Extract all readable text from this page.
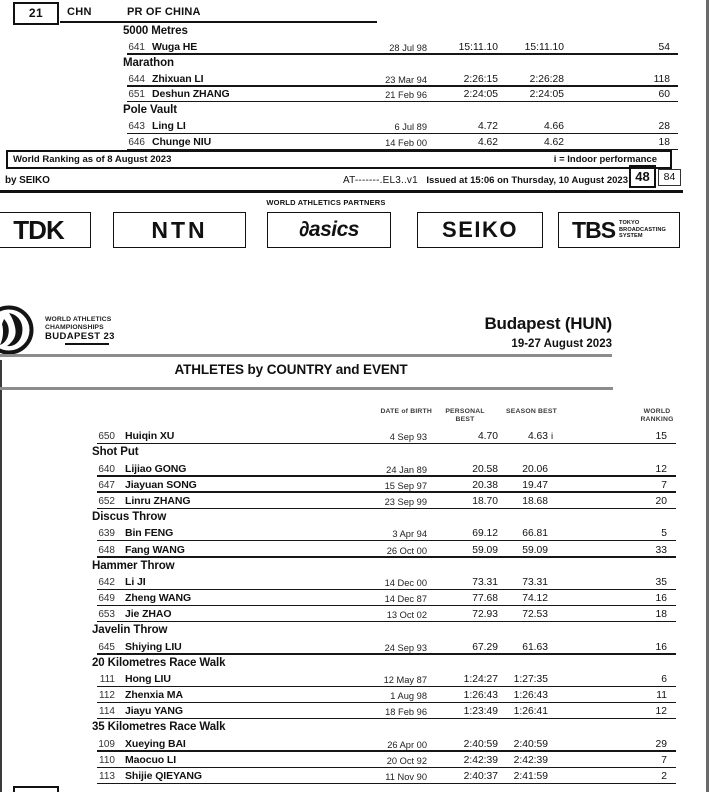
21	CHN	PR OF CHINA
5000 Metres
641 Wuga HE	28 Jul 98	15:11.10	15:11.10	54
Marathon
644 Zhixuan LI	23 Mar 94	2:26:15	2:26:28	118
651 Deshun ZHANG	21 Feb 96	2:24:05	2:24:05	60
Pole Vault
643 Ling LI	6 Jul 89	4.72	4.66	28
646 Chunge NIU	14 Feb 00	4.62	4.62	18
World Ranking as of 8 August 2023	i = Indoor performance
by SEIKO	AT-------.EL3..v1 Issued at 15:06 on Thursday, 10 August 2023 48	84
WORLD ATHLETICS PARTNERS
TDK	NTN	∂ asics	SEIKO TBS TOKYO
BROADCASTING
SYSTEM
WORLD ATHLETICS
CHAMPIONSHIPS
BUDAPEST 23
Budapest (HUN)
19-27 August 2023
ATHLETES by COUNTRY and EVENT
DATE of BIRTH	PERSONAL
BEST
SEASON BEST	WORLD
RANKING
650 Huiqin XU	4 Sep 93	4.70	4.63 i	15
Shot Put
640 Lijiao GONG	24 Jan 89	20.58	20.06	12
647 Jiayuan SONG	15 Sep 97	20.38	19.47	7
652 Linru ZHANG	23 Sep 99	18.70	18.68	20
Discus Throw
639 Bin FENG	3 Apr 94	69.12	66.81	5
648 Fang WANG	26 Oct 00	59.09	59.09	33
Hammer Throw
642 Li JI	14 Dec 00	73.31	73.31	35
649 Zheng WANG	14 Dec 87	77.68	74.12	16
653 Jie ZHAO	13 Oct 02	72.93	72.53	18
Javelin Throw
645 Shiying LIU	24 Sep 93	67.29	61.63	16
20 Kilometres Race Walk
111 Hong LIU	12 May 87	1:24:27	1:27:35	6
112 Zhenxia MA	1 Aug 98	1:26:43	1:26:43	11
114 Jiayu YANG	18 Feb 96	1:23:49	1:26:41	12
35 Kilometres Race Walk
109 Xueying BAI	26 Apr 00	2:40:59	2:40:59	29
110 Maocuo LI	20 Oct 92	2:42:39	2:42:39	7
113 Shijie QIEYANG	11 Nov 90	2:40:37	2:41:59	2
